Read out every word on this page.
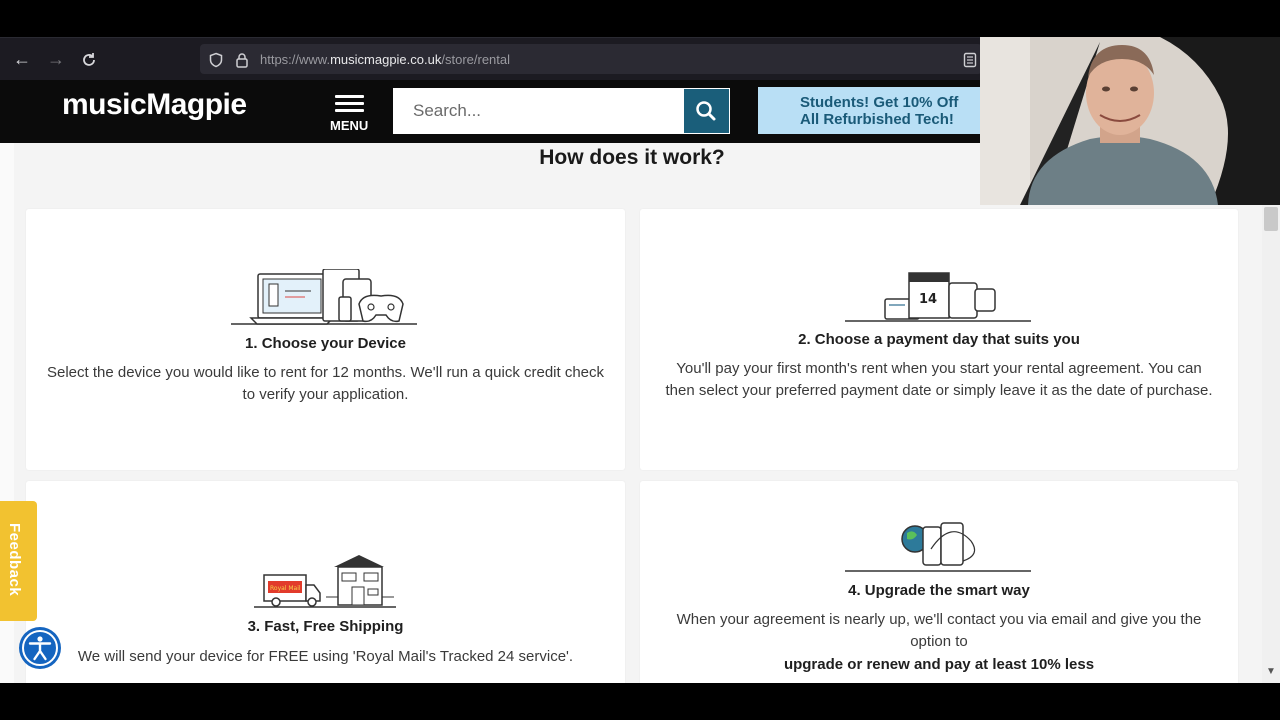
← →	https://www.musicmagpie.co.uk/store/rental
musicMagpie
MENU
Search...
Students! Get 10% Off
All Refurbished Tech!
How does it work?
1. Choose your Device
Select the device you would like to rent for 12 months. We'll run a quick credit check to verify your application.
14
2. Choose a payment day that suits you
You'll pay your first month's rent when you start your rental agreement. You can then select your preferred payment date or simply leave it as the date of purchase.
Royal Mail
3. Fast, Free Shipping
We will send your device for FREE using 'Royal Mail's Tracked 24 service'.
4. Upgrade the smart way
When your agreement is nearly up, we'll contact you via email and give you the option to
upgrade or renew and pay at least 10% less	▼
Feedback
